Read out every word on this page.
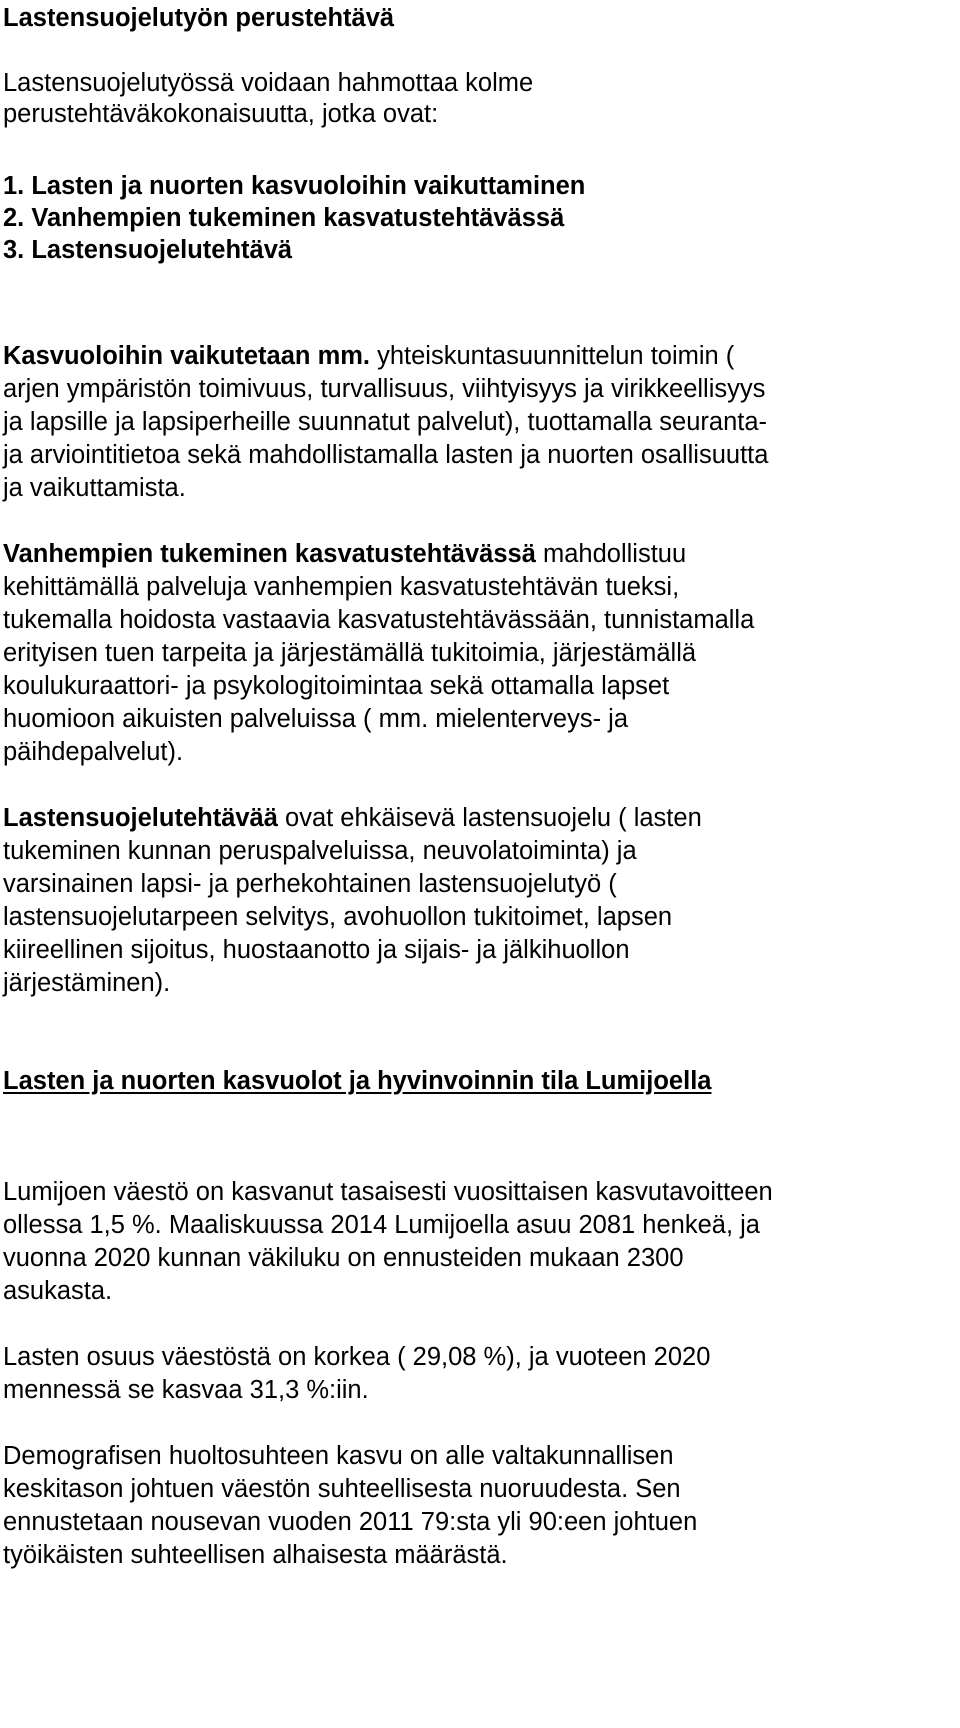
Lastensuojelutyön perustehtävä
Lastensuojelutyössä voidaan hahmottaa kolme
perustehtäväkokonaisuutta, jotka ovat:
1. Lasten ja nuorten kasvuoloihin vaikuttaminen
2. Vanhempien tukeminen kasvatustehtävässä
3. Lastensuojelutehtävä
Kasvuoloihin vaikutetaan mm. yhteiskuntasuunnittelun toimin (
arjen ympäristön toimivuus, turvallisuus, viihtyisyys ja virikkeellisyys
ja lapsille ja lapsiperheille suunnatut palvelut), tuottamalla seuranta-
ja arviointitietoa sekä mahdollistamalla lasten ja nuorten osallisuutta
ja vaikuttamista.
Vanhempien tukeminen kasvatustehtävässä mahdollistuu
kehittämällä palveluja vanhempien kasvatustehtävän tueksi,
tukemalla hoidosta vastaavia kasvatustehtävässään, tunnistamalla
erityisen tuen tarpeita ja järjestämällä tukitoimia, järjestämällä
koulukuraattori- ja psykologitoimintaa sekä ottamalla lapset
huomioon aikuisten palveluissa ( mm. mielenterveys- ja
päihdepalvelut).
Lastensuojelutehtävää ovat ehkäisevä lastensuojelu ( lasten
tukeminen kunnan peruspalveluissa, neuvolatoiminta) ja
varsinainen lapsi- ja perhekohtainen lastensuojelutyö (
lastensuojelutarpeen selvitys, avohuollon tukitoimet, lapsen
kiireellinen sijoitus, huostaanotto ja sijais- ja jälkihuollon
järjestäminen).
Lasten ja nuorten kasvuolot ja hyvinvoinnin tila Lumijoella
Lumijoen väestö on kasvanut tasaisesti vuosittaisen kasvutavoitteen
ollessa 1,5 %. Maaliskuussa 2014 Lumijoella asuu 2081 henkeä, ja
vuonna 2020 kunnan väkiluku on ennusteiden mukaan 2300
asukasta.
Lasten osuus väestöstä on korkea ( 29,08 %), ja vuoteen 2020
mennessä se kasvaa 31,3 %:iin.
Demografisen huoltosuhteen kasvu on alle valtakunnallisen
keskitason johtuen väestön suhteellisesta nuoruudesta. Sen
ennustetaan nousevan vuoden 2011 79:sta yli 90:een johtuen
työikäisten suhteellisen alhaisesta määrästä.
